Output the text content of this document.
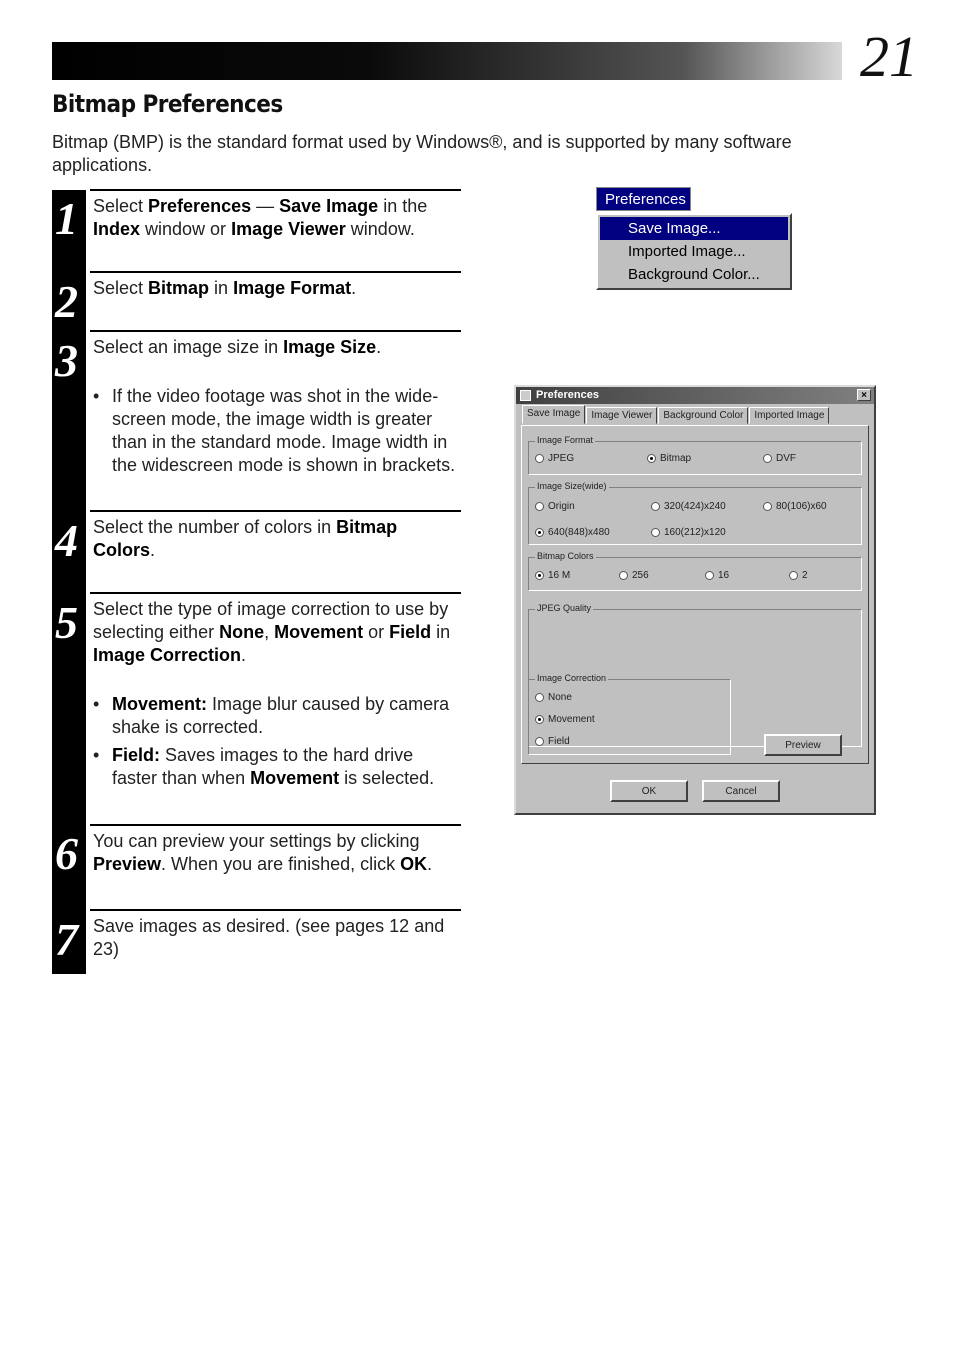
21
Bitmap Preferences

Bitmap (BMP) is the standard format used by Windows®, and is supported by many software applications.

1 Select Preferences — Save Image in the Index window or Image Viewer window.

2 Select Bitmap in Image Format.

3 Select an image size in Image Size.

• If the video footage was shot in the wide-screen mode, the image width is greater than in the standard mode. Image width in the widescreen mode is shown in brackets.
4 Select the number of colors in Bitmap Colors.

5 Select the type of image correction to use by selecting either None, Movement or Field in Image Correction.

• Movement: Image blur caused by camera shake is corrected.
• Field: Saves images to the hard drive faster than when Movement is selected.
6 You can preview your settings by clicking Preview. When you are finished, click OK.

7 Save images as desired. (see pages 12 and 23)

Preferences
Save Image...
Imported Image...
Background Color...
Preferences	×
Save Image	Image Viewer	Background Color	Imported Image
Image Format
JPEG	Bitmap	DVF
Image Size(wide)
Origin	320(424)x240	80(106)x60
640(848)x480	160(212)x120
Bitmap Colors
16 M	256	16	2
JPEG Quality
Image Correction
None
Movement
Field	Preview
OK	Cancel
